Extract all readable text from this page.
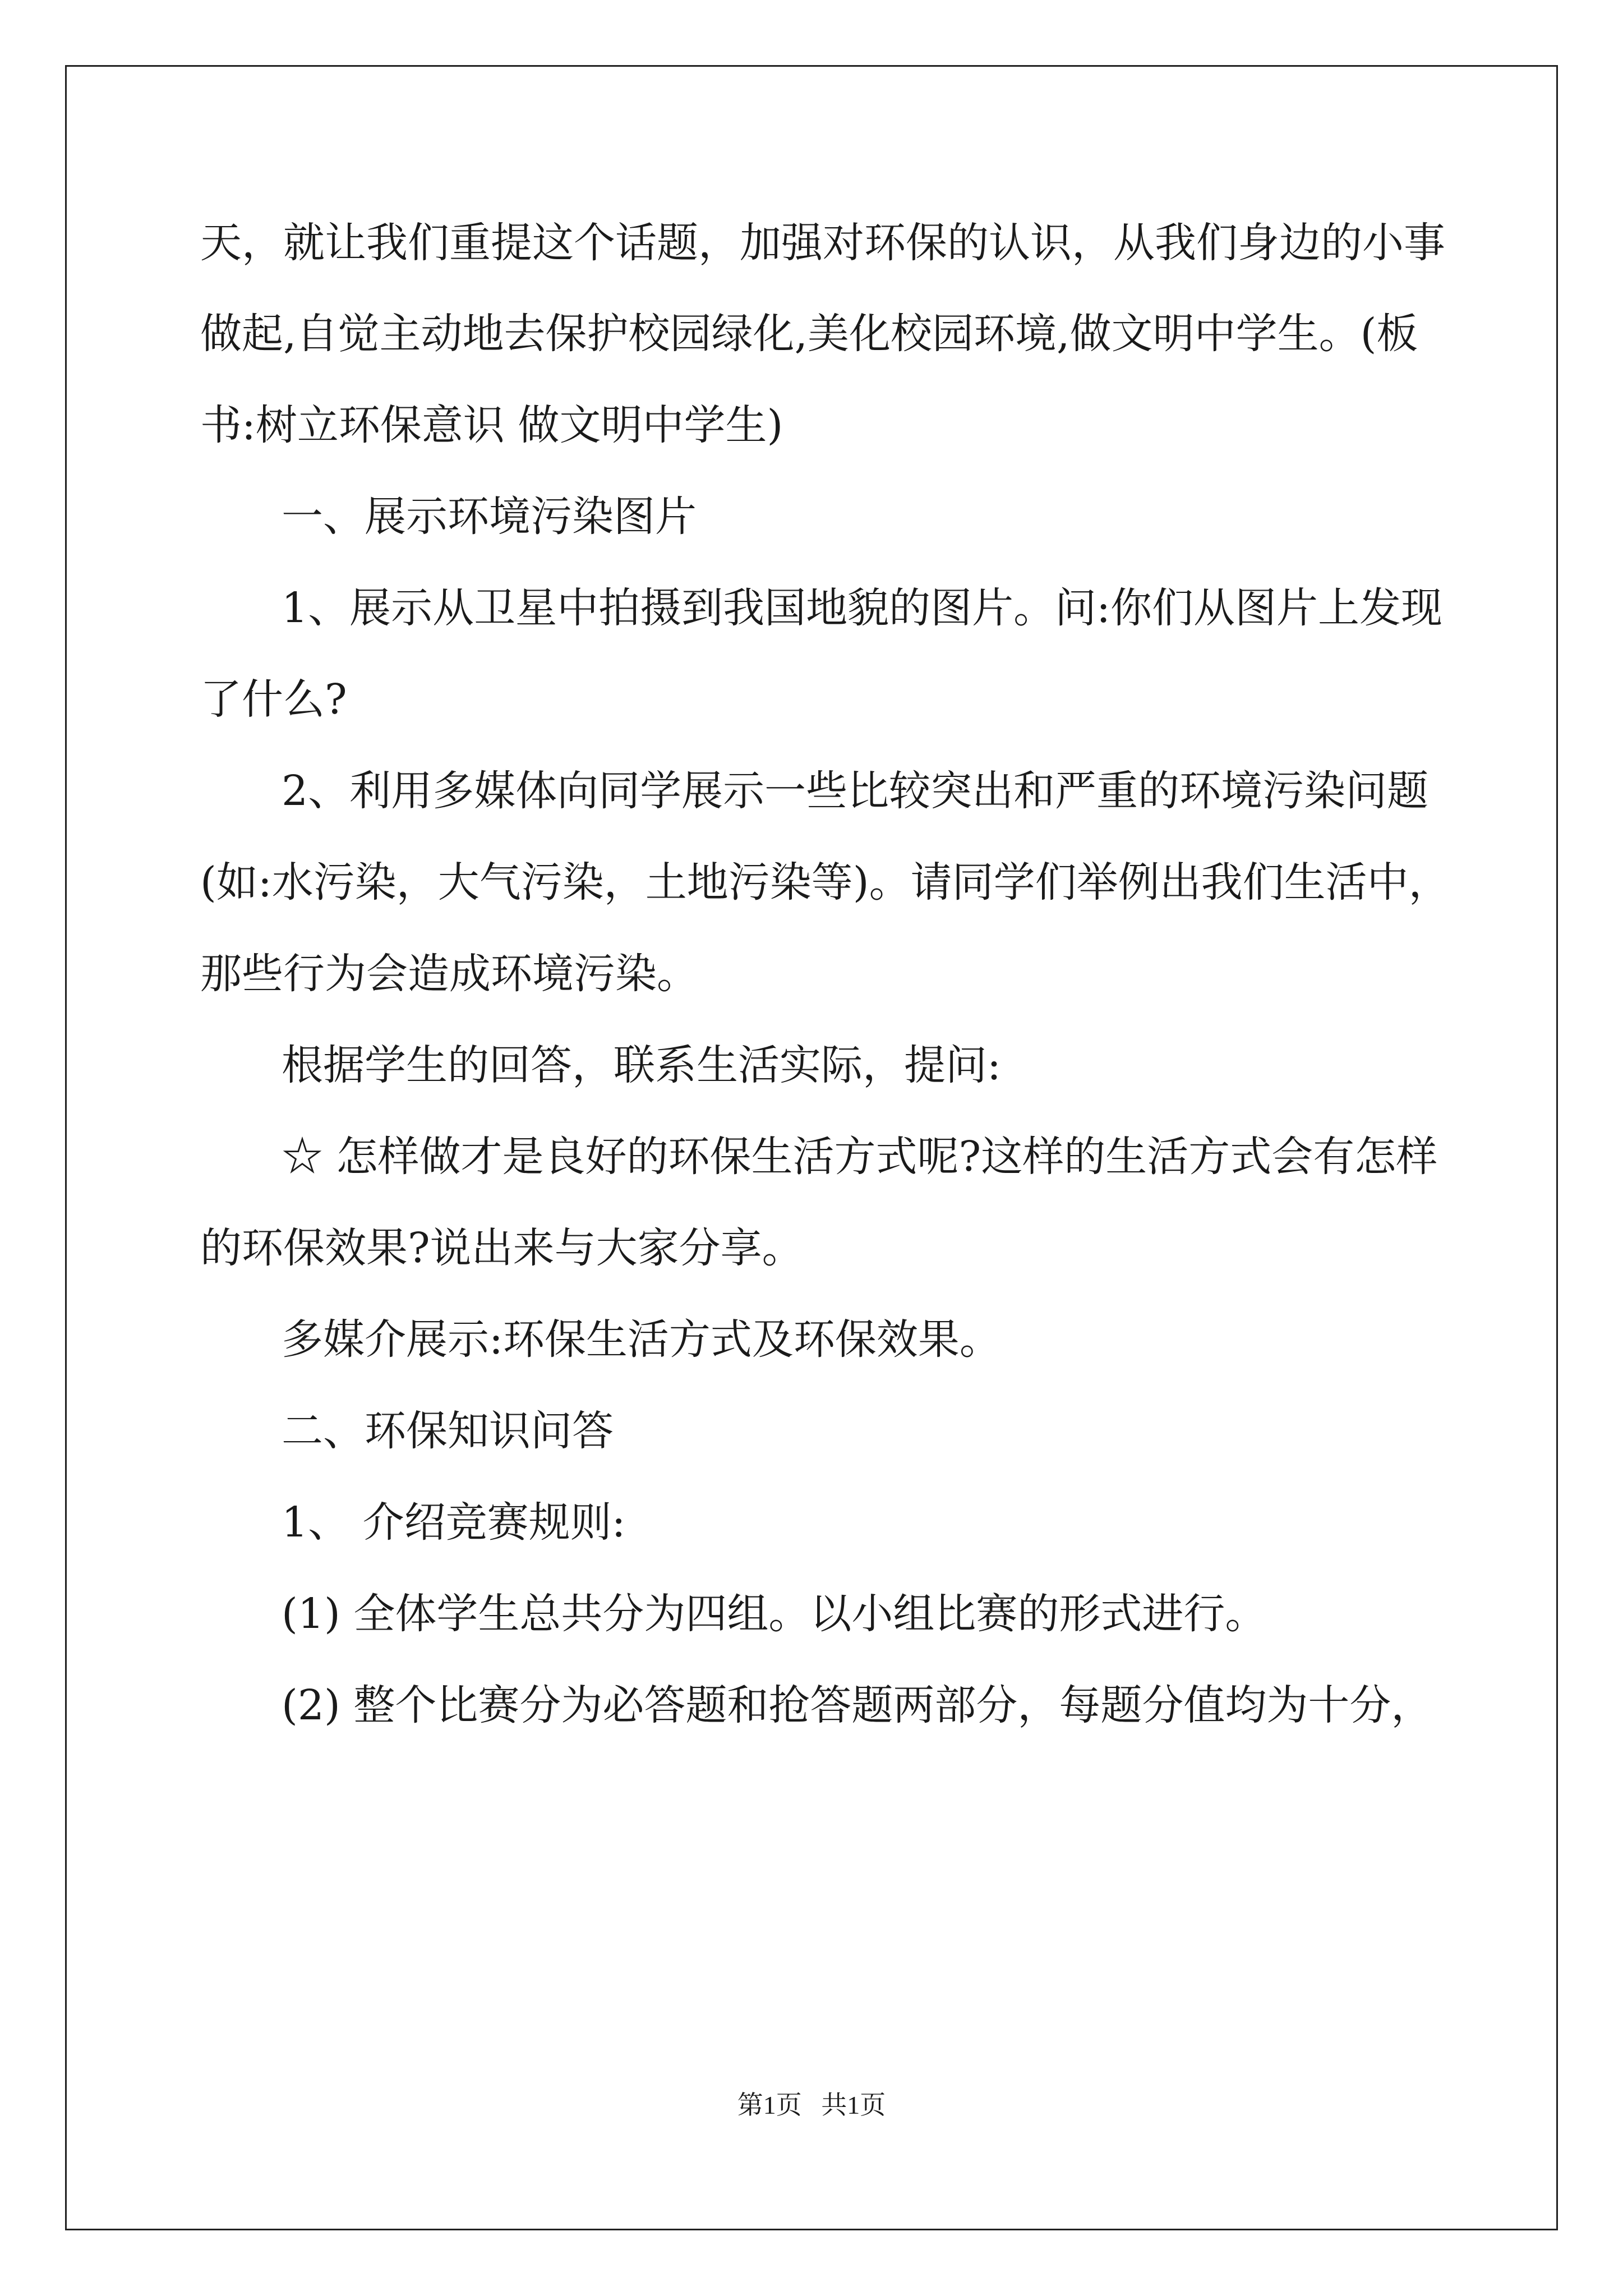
天，就让我们重提这个话题，加强对环保的认识，从我们身边的小事
做起,自觉主动地去保护校园绿化,美化校园环境,做文明中学生。(板
书:树立环保意识 做文明中学生)
一、展示环境污染图片
1、展示从卫星中拍摄到我国地貌的图片。问:你们从图片上发现
了什么?
2、利用多媒体向同学展示一些比较突出和严重的环境污染问题
(如:水污染，大气污染，土地污染等)。请同学们举例出我们生活中，
那些行为会造成环境污染。
根据学生的回答，联系生活实际，提问:
☆ 怎样做才是良好的环保生活方式呢?这样的生活方式会有怎样
的环保效果?说出来与大家分享。
多媒介展示:环保生活方式及环保效果。
二、环保知识问答
1、 介绍竞赛规则:
(1) 全体学生总共分为四组。以小组比赛的形式进行。
(2) 整个比赛分为必答题和抢答题两部分，每题分值均为十分，
第1页 共1页
